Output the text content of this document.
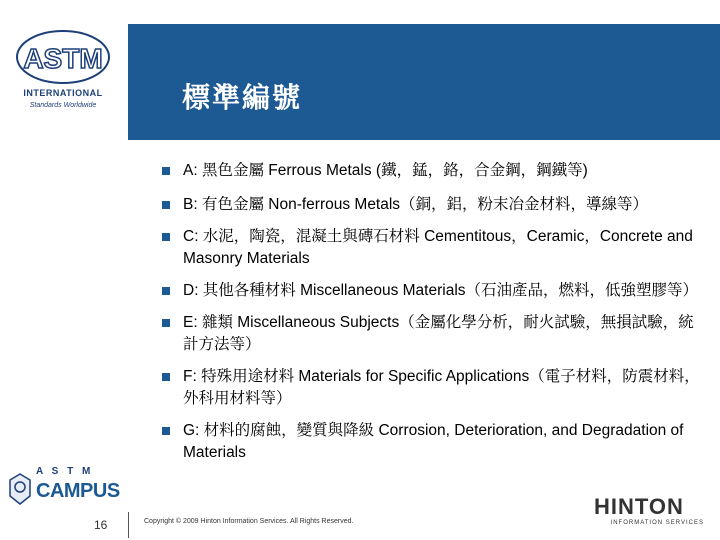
ASTM
INTERNATIONAL
Standards Worldwide	標準編號
A: 黑色金屬 Ferrous Metals (鐵，錳，鉻，合金鋼，鋼鐵等)
B: 有色金屬 Non-ferrous Metals（銅，鋁，粉末冶金材料，導線等）
C: 水泥，陶瓷，混凝土與磚石材料 Cementitous，Ceramic，Concrete and Masonry Materials
D: 其他各種材料 Miscellaneous Materials（石油產品，燃料，低強塑膠等）
E: 雜類 Miscellaneous Subjects（金屬化學分析，耐火試驗，無損試驗，統計方法等）
F: 特殊用途材料 Materials for Specific Applications（電子材料，防震材料，外科用材料等）
G: 材料的腐蝕，變質與降級 Corrosion, Deterioration, and Degradation of Materials
A S T M
CAMPUS
16	Copyright © 2009 Hinton Information Services. All Rights Reserved.
HINTON
INFORMATION SERVICES
